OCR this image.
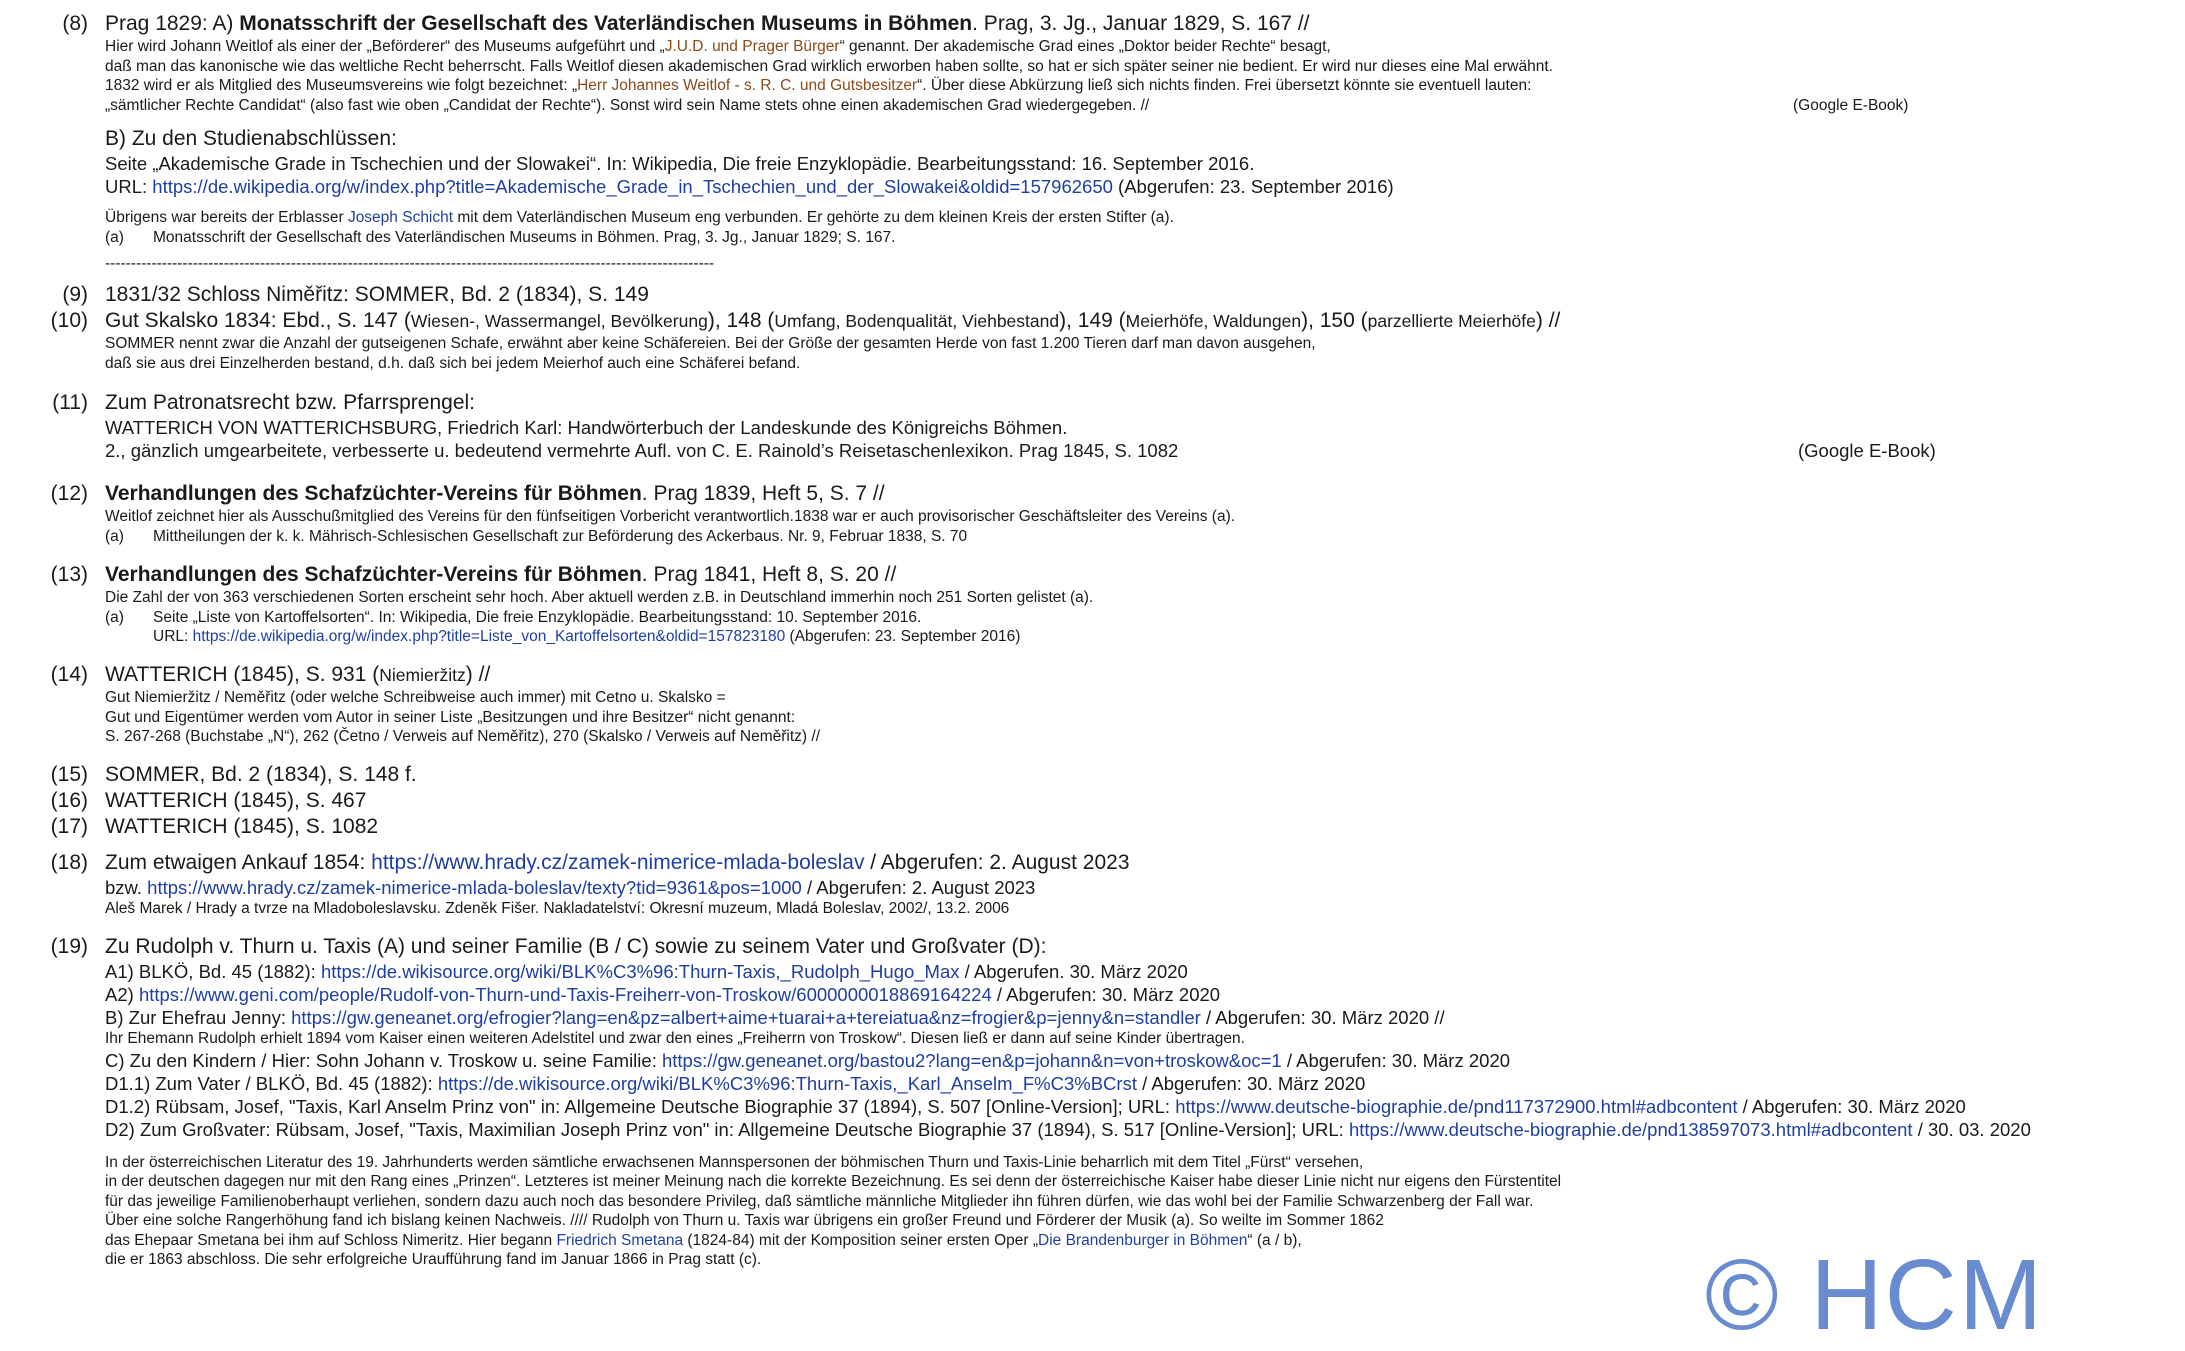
(8) Prag 1829: A) Monatsschrift der Gesellschaft des Vaterländischen Museums in Böhmen. Prag, 3. Jg., Januar 1829, S. 167 //
Hier wird Johann Weitlof als einer der „Beförderer“ des Museums aufgeführt und „J.U.D. und Prager Bürger“ genannt. Der akademische Grad eines „Doktor beider Rechte“ besagt,
daß man das kanonische wie das weltliche Recht beherrscht. Falls Weitlof diesen akademischen Grad wirklich erworben haben sollte, so hat er sich später seiner nie bedient. Er wird nur dieses eine Mal erwähnt.
1832 wird er als Mitglied des Museumsvereins wie folgt bezeichnet: „Herr Johannes Weitlof - s. R. C. und Gutsbesitzer“. Über diese Abkürzung ließ sich nichts finden. Frei übersetzt könnte sie eventuell lauten:
„sämtlicher Rechte Candidat“ (also fast wie oben „Candidat der Rechte“). Sonst wird sein Name stets ohne einen akademischen Grad wiedergegeben. //	(Google E-Book)
B) Zu den Studienabschlüssen:
Seite „Akademische Grade in Tschechien und der Slowakei“. In: Wikipedia, Die freie Enzyklopädie. Bearbeitungsstand: 16. September 2016.
URL: https://de.wikipedia.org/w/index.php?title=Akademische_Grade_in_Tschechien_und_der_Slowakei&oldid=157962650 (Abgerufen: 23. September 2016)
Übrigens war bereits der Erblasser Joseph Schicht mit dem Vaterländischen Museum eng verbunden. Er gehörte zu dem kleinen Kreis der ersten Stifter (a).
(a) Monatsschrift der Gesellschaft des Vaterländischen Museums in Böhmen. Prag, 3. Jg., Januar 1829; S. 167.
----------------------------------------------------------------------------------------------------------------------
(9) 1831/32 Schloss Niměřitz: SOMMER, Bd. 2 (1834), S. 149
(10) Gut Skalsko 1834: Ebd., S. 147 (Wiesen-, Wassermangel, Bevölkerung), 148 (Umfang, Bodenqualität, Viehbestand), 149 (Meierhöfe, Waldungen), 150 (parzellierte Meierhöfe) //
SOMMER nennt zwar die Anzahl der gutseigenen Schafe, erwähnt aber keine Schäfereien. Bei der Größe der gesamten Herde von fast 1.200 Tieren darf man davon ausgehen,
daß sie aus drei Einzelherden bestand, d.h. daß sich bei jedem Meierhof auch eine Schäferei befand.
(11) Zum Patronatsrecht bzw. Pfarrsprengel:
WATTERICH VON WATTERICHSBURG, Friedrich Karl: Handwörterbuch der Landeskunde des Königreichs Böhmen.
2., gänzlich umgearbeitete, verbesserte u. bedeutend vermehrte Aufl. von C. E. Rainold’s Reisetaschenlexikon. Prag 1845, S. 1082	(Google E-Book)
(12) Verhandlungen des Schafzüchter-Vereins für Böhmen. Prag 1839, Heft 5, S. 7 //
Weitlof zeichnet hier als Ausschußmitglied des Vereins für den fünfseitigen Vorbericht verantwortlich.1838 war er auch provisorischer Geschäftsleiter des Vereins (a).
(a) Mittheilungen der k. k. Mährisch-Schlesischen Gesellschaft zur Beförderung des Ackerbaus. Nr. 9, Februar 1838, S. 70
(13) Verhandlungen des Schafzüchter-Vereins für Böhmen. Prag 1841, Heft 8, S. 20 //
Die Zahl der von 363 verschiedenen Sorten erscheint sehr hoch. Aber aktuell werden z.B. in Deutschland immerhin noch 251 Sorten gelistet (a).
(a) Seite „Liste von Kartoffelsorten“. In: Wikipedia, Die freie Enzyklopädie. Bearbeitungsstand: 10. September 2016.
URL: https://de.wikipedia.org/w/index.php?title=Liste_von_Kartoffelsorten&oldid=157823180 (Abgerufen: 23. September 2016)
(14) WATTERICH (1845), S. 931 (Niemieržitz) //
Gut Niemieržitz / Neměřitz (oder welche Schreibweise auch immer) mit Cetno u. Skalsko =
Gut und Eigentümer werden vom Autor in seiner Liste „Besitzungen und ihre Besitzer“ nicht genannt:
S. 267-268 (Buchstabe „N“), 262 (Četno / Verweis auf Neměřitz), 270 (Skalsko / Verweis auf Neměřitz) //
(15) SOMMER, Bd. 2 (1834), S. 148 f.
(16) WATTERICH (1845), S. 467
(17) WATTERICH (1845), S. 1082
(18) Zum etwaigen Ankauf 1854: https://www.hrady.cz/zamek-nimerice-mlada-boleslav / Abgerufen: 2. August 2023
bzw. https://www.hrady.cz/zamek-nimerice-mlada-boleslav/texty?tid=9361&pos=1000 / Abgerufen: 2. August 2023
Aleš Marek / Hrady a tvrze na Mladoboleslavsku. Zdeněk Fišer. Nakladatelství: Okresní muzeum, Mladá Boleslav, 2002/, 13.2. 2006
(19) Zu Rudolph v. Thurn u. Taxis (A) und seiner Familie (B / C) sowie zu seinem Vater und Großvater (D):
A1) BLKÖ, Bd. 45 (1882): https://de.wikisource.org/wiki/BLK%C3%96:Thurn-Taxis,_Rudolph_Hugo_Max / Abgerufen. 30. März 2020
A2) https://www.geni.com/people/Rudolf-von-Thurn-und-Taxis-Freiherr-von-Troskow/6000000018869164224 / Abgerufen: 30. März 2020
B) Zur Ehefrau Jenny: https://gw.geneanet.org/efrogier?lang=en&pz=albert+aime+tuarai+a+tereiatua&nz=frogier&p=jenny&n=standler / Abgerufen: 30. März 2020 //
Ihr Ehemann Rudolph erhielt 1894 vom Kaiser einen weiteren Adelstitel und zwar den eines „Freiherrn von Troskow“. Diesen ließ er dann auf seine Kinder übertragen.
C) Zu den Kindern / Hier: Sohn Johann v. Troskow u. seine Familie: https://gw.geneanet.org/bastou2?lang=en&p=johann&n=von+troskow&oc=1 / Abgerufen: 30. März 2020
D1.1) Zum Vater / BLKÖ, Bd. 45 (1882): https://de.wikisource.org/wiki/BLK%C3%96:Thurn-Taxis,_Karl_Anselm_F%C3%BCrst / Abgerufen: 30. März 2020
D1.2) Rübsam, Josef, "Taxis, Karl Anselm Prinz von" in: Allgemeine Deutsche Biographie 37 (1894), S. 507 [Online-Version]; URL: https://www.deutsche-biographie.de/pnd117372900.html#adbcontent / Abgerufen: 30. März 2020
D2) Zum Großvater: Rübsam, Josef, "Taxis, Maximilian Joseph Prinz von" in: Allgemeine Deutsche Biographie 37 (1894), S. 517 [Online-Version]; URL: https://www.deutsche-biographie.de/pnd138597073.html#adbcontent / 30. 03. 2020
In der österreichischen Literatur des 19. Jahrhunderts werden sämtliche erwachsenen Mannspersonen der böhmischen Thurn und Taxis-Linie beharrlich mit dem Titel „Fürst“ versehen,
in der deutschen dagegen nur mit den Rang eines „Prinzen“. Letzteres ist meiner Meinung nach die korrekte Bezeichnung. Es sei denn der österreichische Kaiser habe dieser Linie nicht nur eigens den Fürstentitel
für das jeweilige Familienoberhaupt verliehen, sondern dazu auch noch das besondere Privileg, daß sämtliche männliche Mitglieder ihn führen dürfen, wie das wohl bei der Familie Schwarzenberg der Fall war.
Über eine solche Rangerhöhung fand ich bislang keinen Nachweis. //// Rudolph von Thurn u. Taxis war übrigens ein großer Freund und Förderer der Musik (a). So weilte im Sommer 1862
das Ehepaar Smetana bei ihm auf Schloss Nimeritz. Hier begann Friedrich Smetana (1824-84) mit der Komposition seiner ersten Oper „Die Brandenburger in Böhmen“ (a / b),
die er 1863 abschloss. Die sehr erfolgreiche Uraufführung fand im Januar 1866 in Prag statt (c).	© HCM
